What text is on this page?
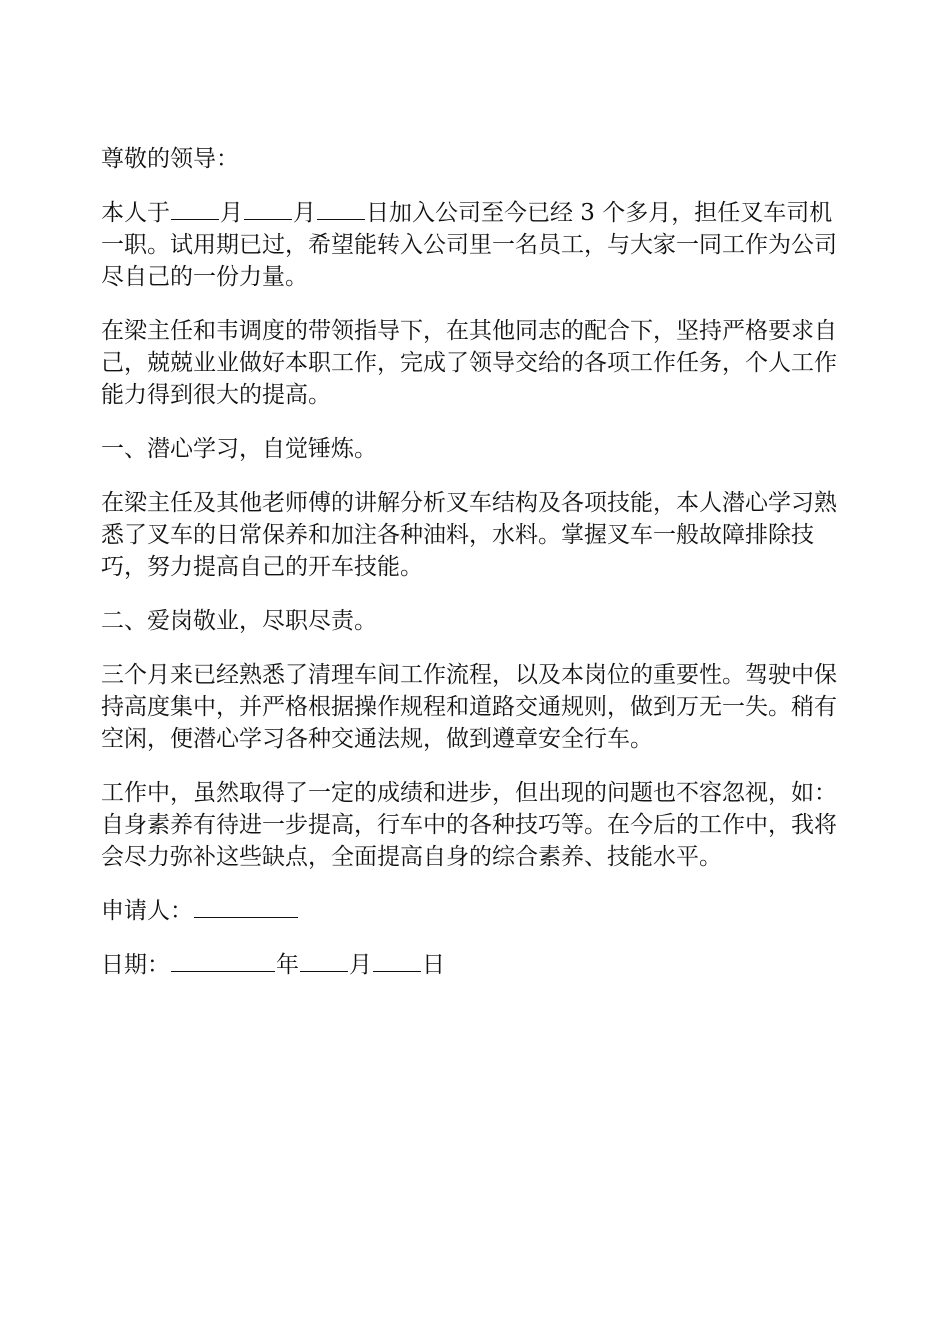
尊敬的领导：

本人于 月 月 日加入公司至今已经 3 个多月，担任叉车司机一职。试用期已过，希望能转入公司里一名员工，与大家一同工作为公司尽自己的一份力量。

在梁主任和韦调度的带领指导下，在其他同志的配合下，坚持严格要求自己，兢兢业业做好本职工作，完成了领导交给的各项工作任务，个人工作能力得到很大的提高。

一、潜心学习，自觉锤炼。

在梁主任及其他老师傅的讲解分析叉车结构及各项技能，本人潜心学习熟悉了叉车的日常保养和加注各种油料，水料。掌握叉车一般故障排除技巧，努力提高自己的开车技能。

二、爱岗敬业，尽职尽责。

三个月来已经熟悉了清理车间工作流程，以及本岗位的重要性。驾驶中保持高度集中，并严格根据操作规程和道路交通规则，做到万无一失。稍有空闲，便潜心学习各种交通法规，做到遵章安全行车。

工作中，虽然取得了一定的成绩和进步，但出现的问题也不容忽视，如：自身素养有待进一步提高，行车中的各种技巧等。在今后的工作中，我将会尽力弥补这些缺点，全面提高自身的综合素养、技能水平。

申请人：

日期：	年 月 日
